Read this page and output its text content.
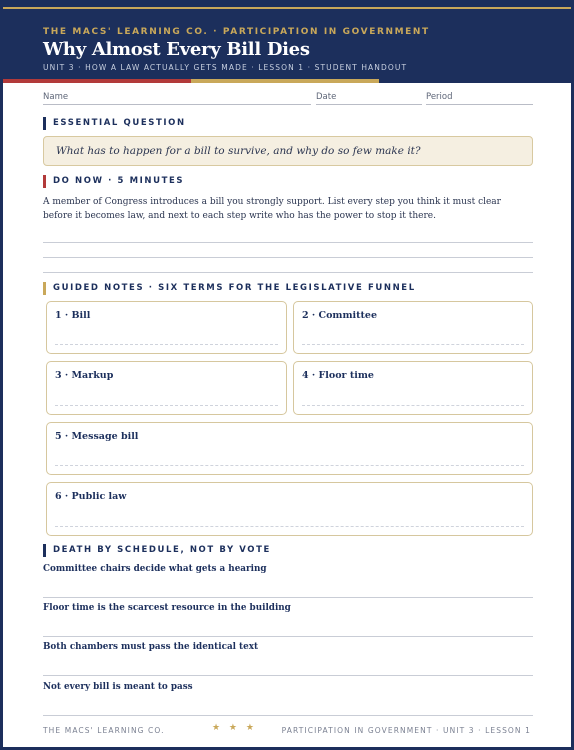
THE MACS' LEARNING CO. · PARTICIPATION IN GOVERNMENT
Why Almost Every Bill Dies
UNIT 3 · HOW A LAW ACTUALLY GETS MADE · LESSON 1 · STUDENT HANDOUT
Name	Date	Period
ESSENTIAL QUESTION
What has to happen for a bill to survive, and why do so few make it?
DO NOW · 5 MINUTES
A member of Congress introduces a bill you strongly support. List every step you think it must clear before it becomes law, and next to each step write who has the power to stop it there.
GUIDED NOTES · SIX TERMS FOR THE LEGISLATIVE FUNNEL
1 · Bill	2 · Committee
3 · Markup	4 · Floor time
5 · Message bill
6 · Public law
DEATH BY SCHEDULE, NOT BY VOTE
Committee chairs decide what gets a hearing
Floor time is the scarcest resource in the building
Both chambers must pass the identical text
Not every bill is meant to pass
THE MACS' LEARNING CO.	★ ★ ★	PARTICIPATION IN GOVERNMENT · UNIT 3 · LESSON 1
